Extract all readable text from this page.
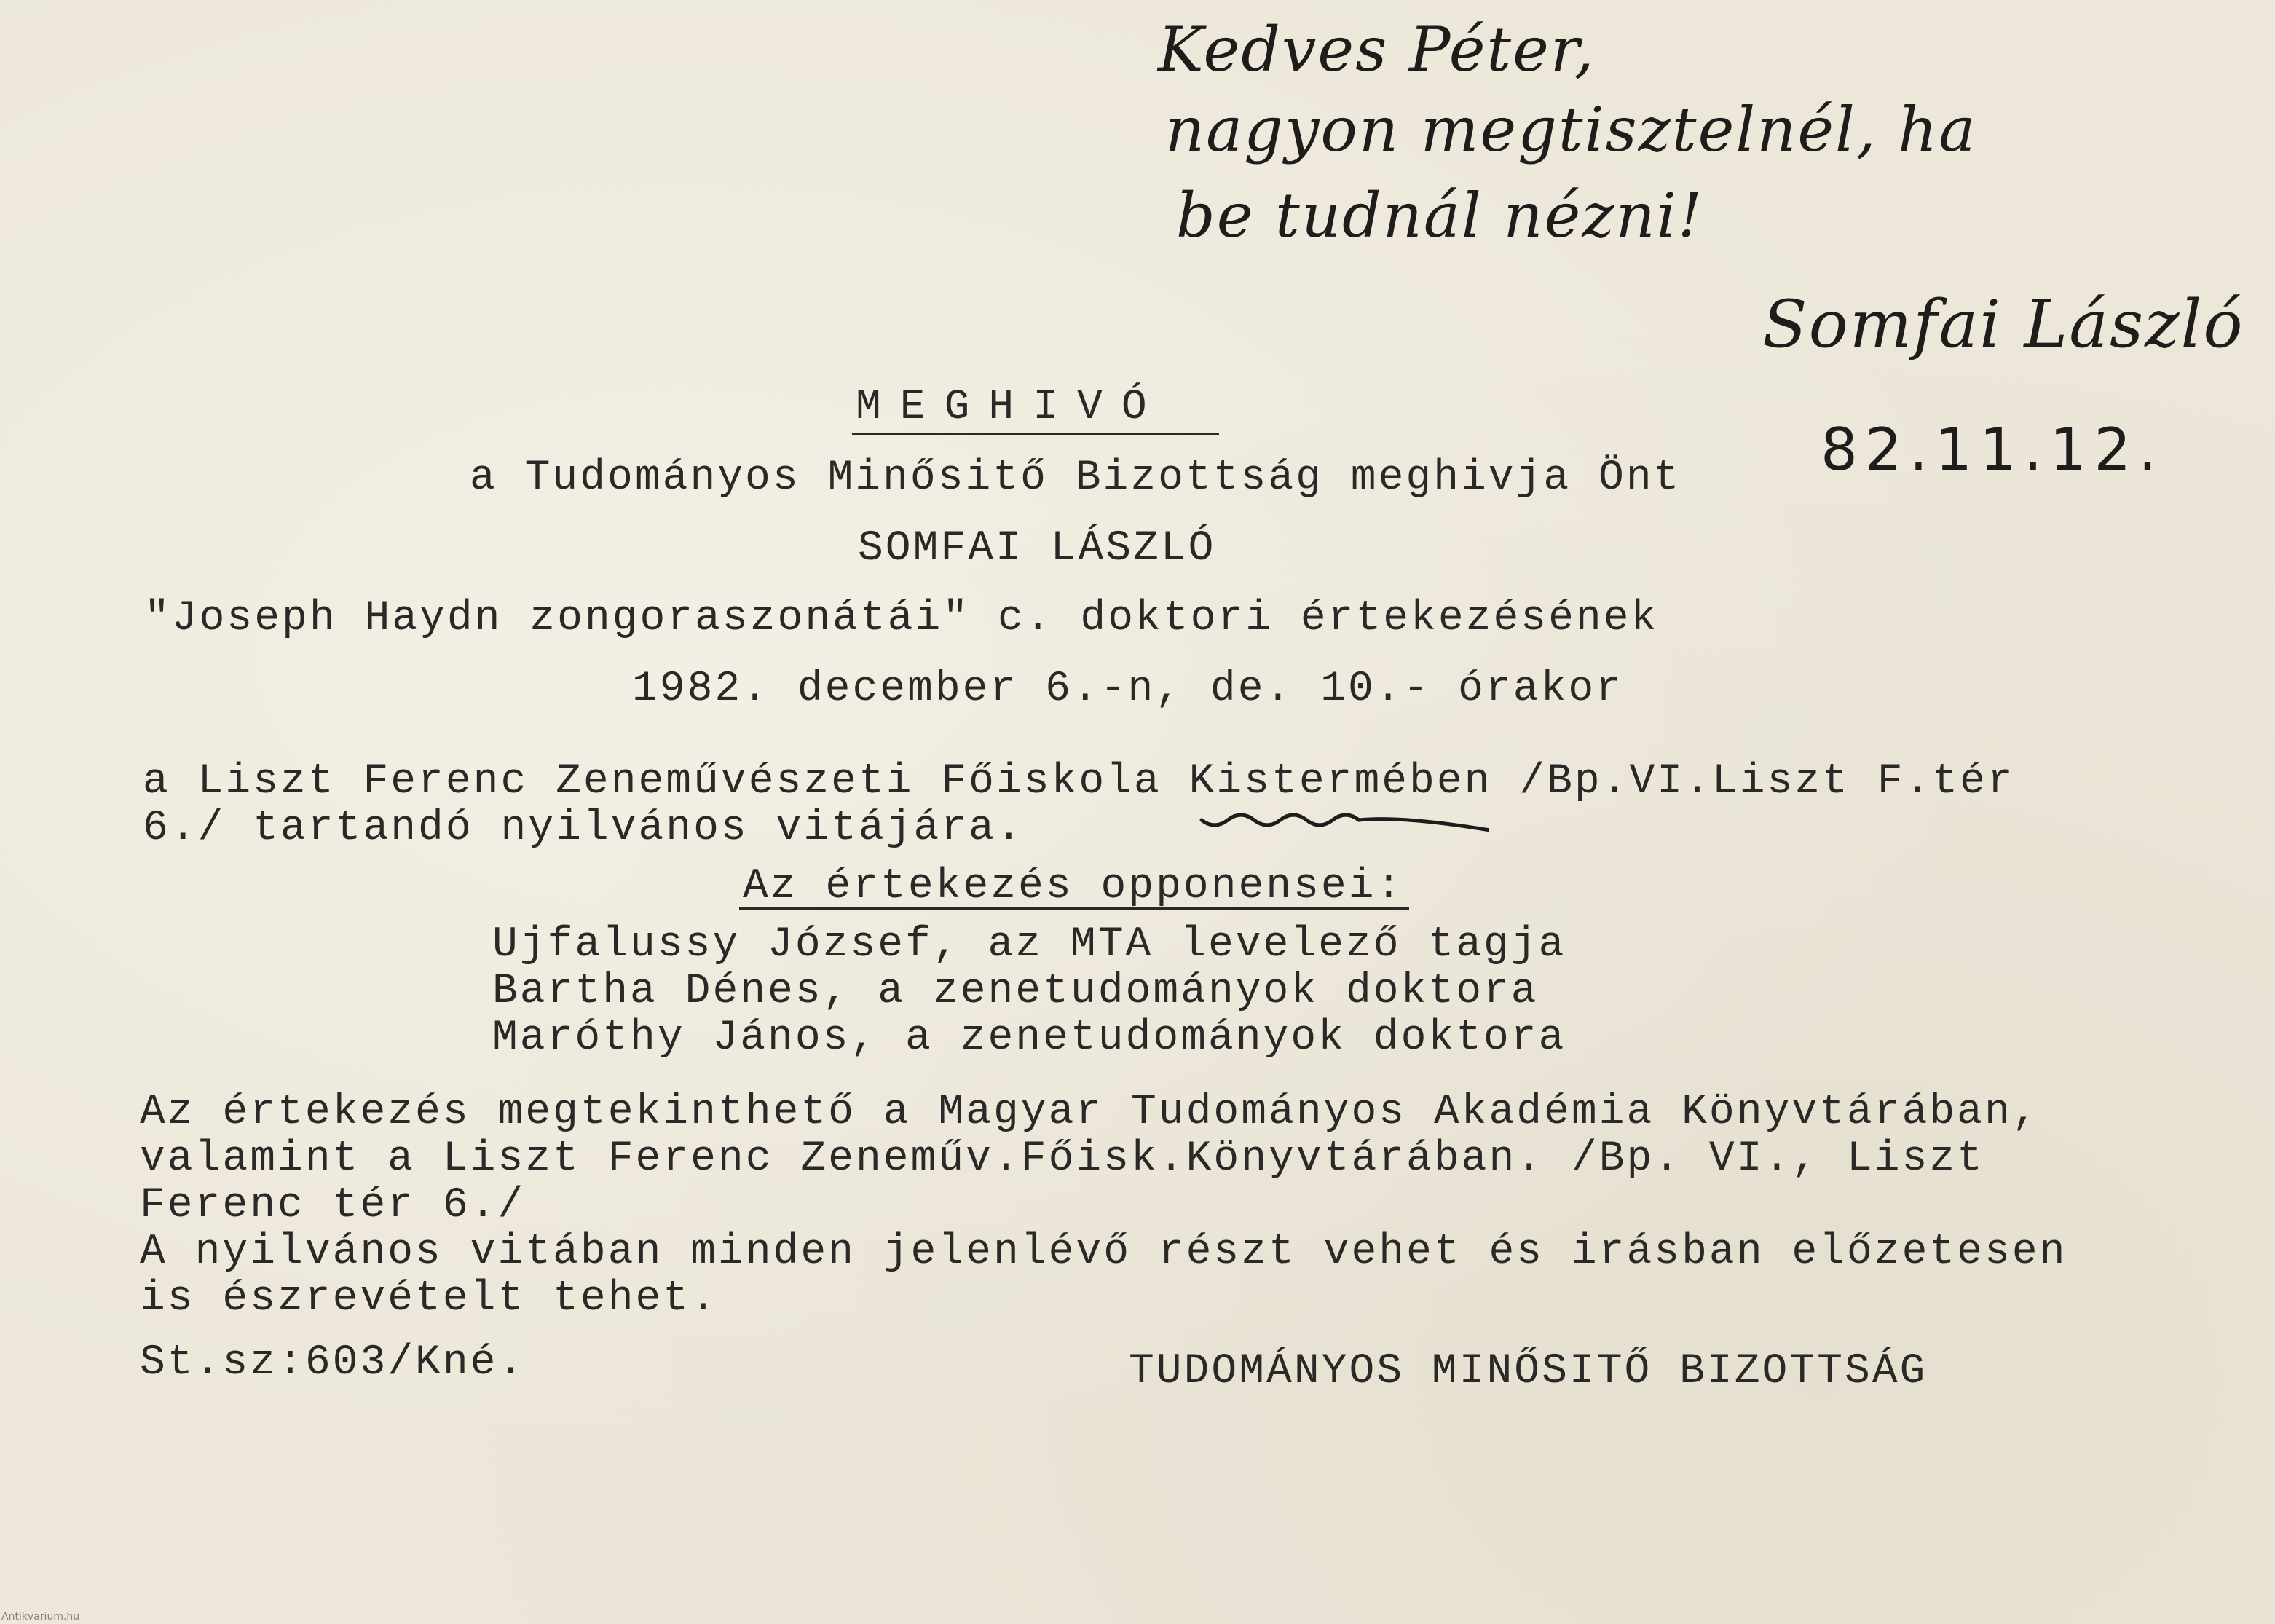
Kedves Péter,
nagyon megtisztelnél, ha
be tudnál nézni!
Somfai László
82.11.12.
MEGHIVÓ
a Tudományos Minősitő Bizottság meghivja Önt
SOMFAI LÁSZLÓ
"Joseph Haydn zongoraszonátái" c. doktori értekezésének
1982. december 6.-n, de. 10.- órakor
a Liszt Ferenc Zeneművészeti Főiskola Kistermében /Bp.VI.Liszt F.tér
6./ tartandó nyilvános vitájára.
Az értekezés opponensei:
Ujfalussy József, az MTA levelező tagja
Bartha Dénes, a zenetudományok doktora
Maróthy János, a zenetudományok doktora
Az értekezés megtekinthető a Magyar Tudományos Akadémia Könyvtárában,
valamint a Liszt Ferenc Zeneműv.Főisk.Könyvtárában. /Bp. VI., Liszt
Ferenc tér 6./
A nyilvános vitában minden jelenlévő részt vehet és irásban előzetesen
is észrevételt tehet.
St.sz:603/Kné.	TUDOMÁNYOS MINŐSITŐ BIZOTTSÁG
Antikvarium.hu
